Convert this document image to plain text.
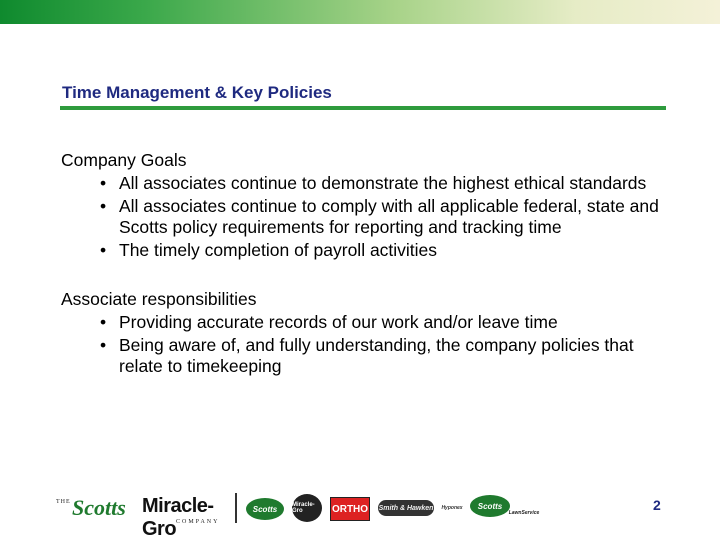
Time Management & Key Policies

Company Goals

• All associates continue to demonstrate the highest ethical standards
• All associates continue to comply with all applicable federal, state and Scotts policy requirements for reporting and tracking time
• The timely completion of payroll activities

Associate responsibilities

• Providing accurate records of our work and/or leave time
• Being aware of, and fully understanding, the company policies that relate to timekeeping
THE Scotts Miracle-Gro COMPANY
Scotts	Miracle-Gro	ORTHO Smith & Hawken Hyponex	Scotts
LawnService	2
